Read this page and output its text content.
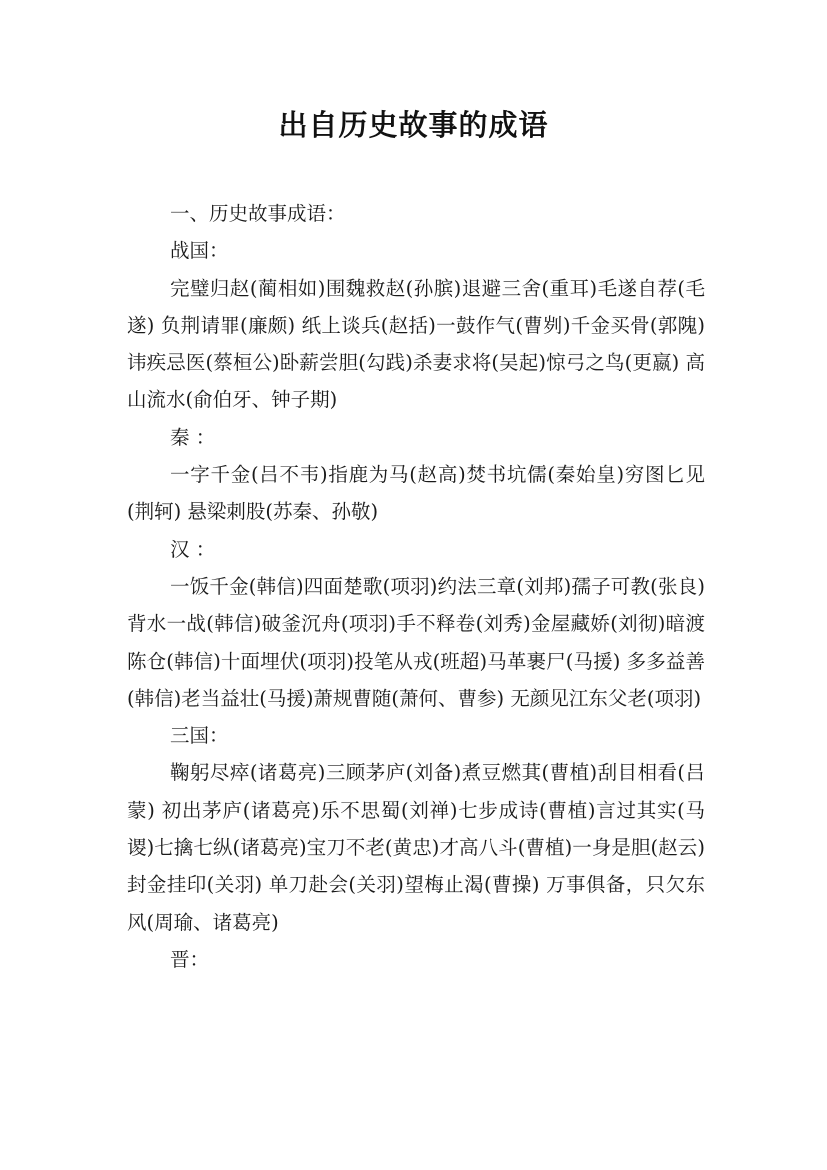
出自历史故事的成语

一、历史故事成语：

战国：

完璧归赵(蔺相如)围魏救赵(孙膑)退避三舍(重耳)毛遂自荐(毛遂) 负荆请罪(廉颇) 纸上谈兵(赵括)一鼓作气(曹刿)千金买骨(郭隗)讳疾忌医(蔡桓公)卧薪尝胆(勾践)杀妻求将(吴起)惊弓之鸟(更嬴) 高山流水(俞伯牙、钟子期)

秦 ：

一字千金(吕不韦)指鹿为马(赵高)焚书坑儒(秦始皇)穷图匕见(荆轲) 悬梁刺股(苏秦、孙敬)

汉 ：

一饭千金(韩信)四面楚歌(项羽)约法三章(刘邦)孺子可教(张良) 背水一战(韩信)破釜沉舟(项羽)手不释卷(刘秀)金屋藏娇(刘彻)暗渡陈仓(韩信)十面埋伏(项羽)投笔从戎(班超)马革裹尸(马援) 多多益善(韩信)老当益壮(马援)萧规曹随(萧何、曹参) 无颜见江东父老(项羽)

三国：

鞠躬尽瘁(诸葛亮)三顾茅庐(刘备)煮豆燃萁(曹植)刮目相看(吕蒙) 初出茅庐(诸葛亮)乐不思蜀(刘禅)七步成诗(曹植)言过其实(马谡)七擒七纵(诸葛亮)宝刀不老(黄忠)才高八斗(曹植)一身是胆(赵云) 封金挂印(关羽) 单刀赴会(关羽)望梅止渴(曹操) 万事俱备，只欠东风(周瑜、诸葛亮)

晋：
